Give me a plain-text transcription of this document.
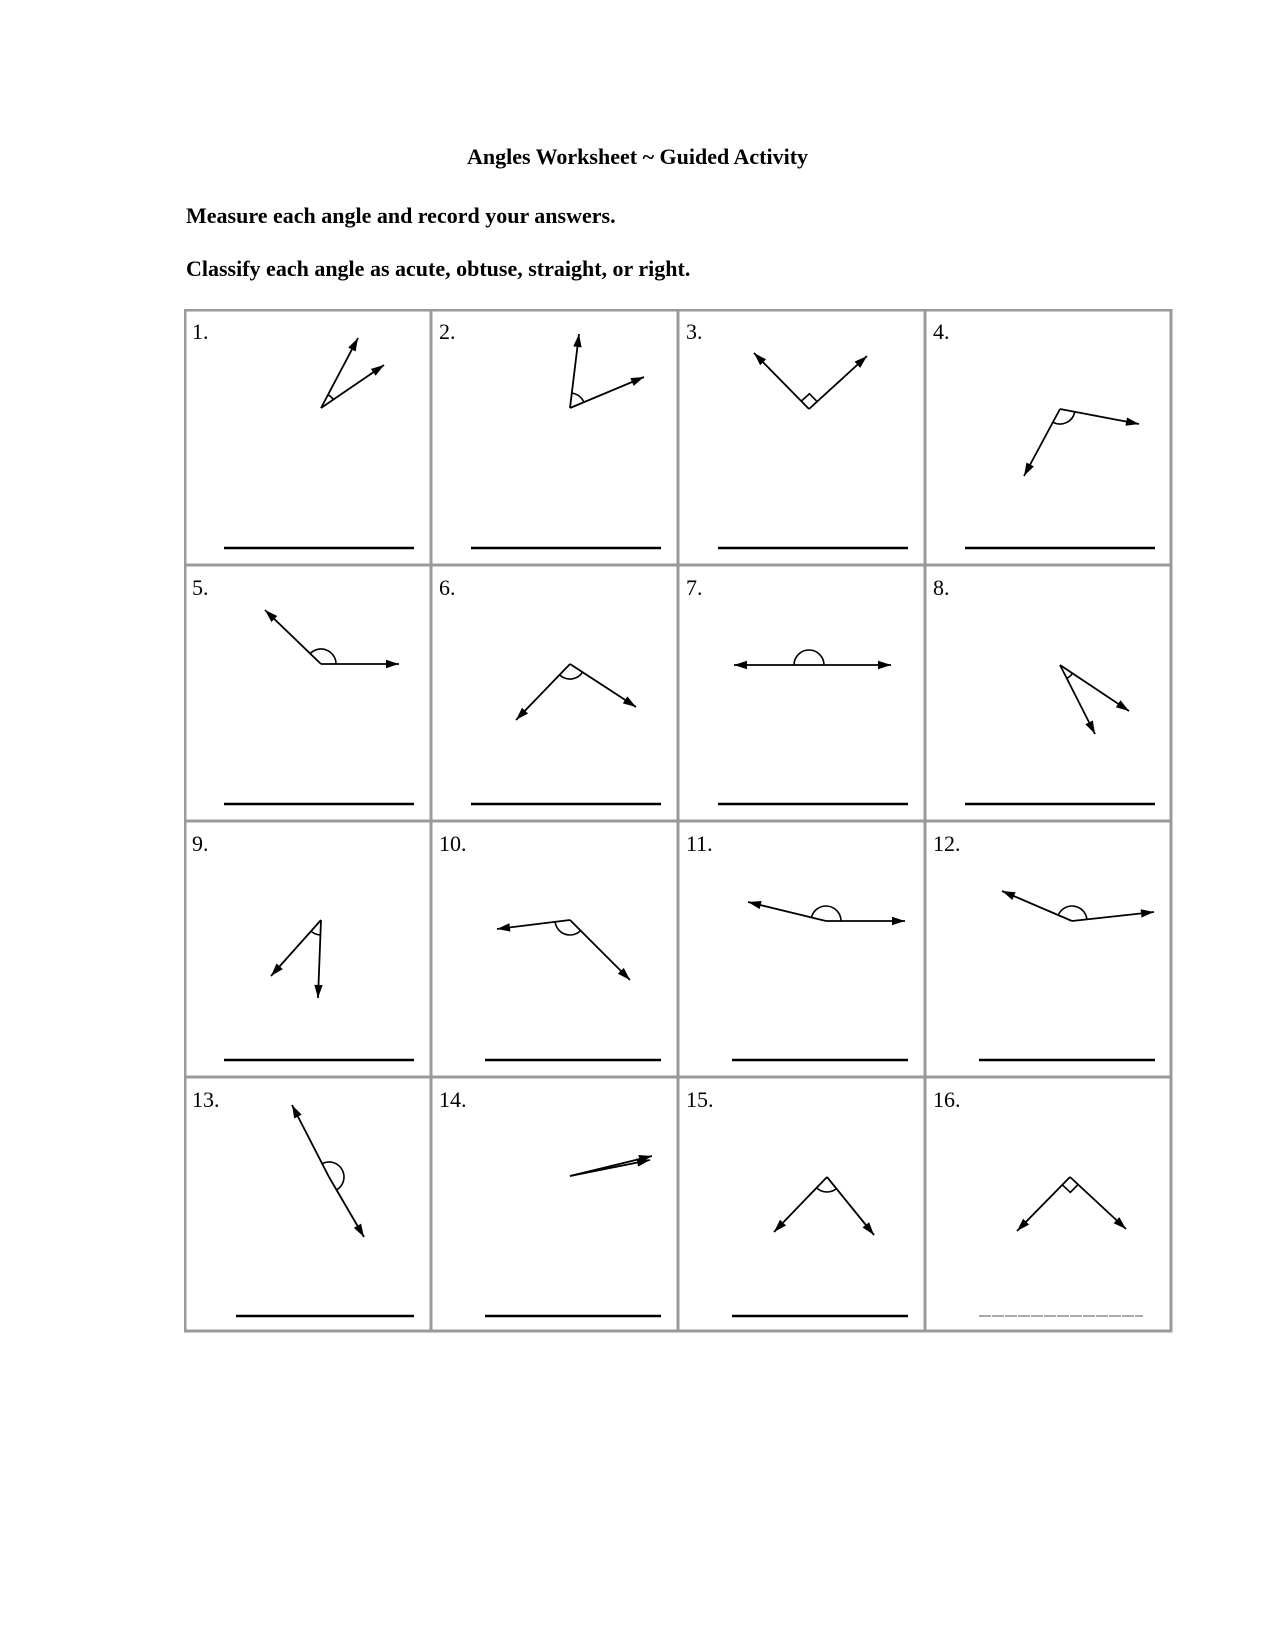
Angles Worksheet ~ Guided Activity
Measure each angle and record your answers.
Classify each angle as acute, obtuse, straight, or right.
1.	2.	3.	4.
5.	6.	7.	8.
9.	10.	11.	12.
13.	14.	15.	16.
